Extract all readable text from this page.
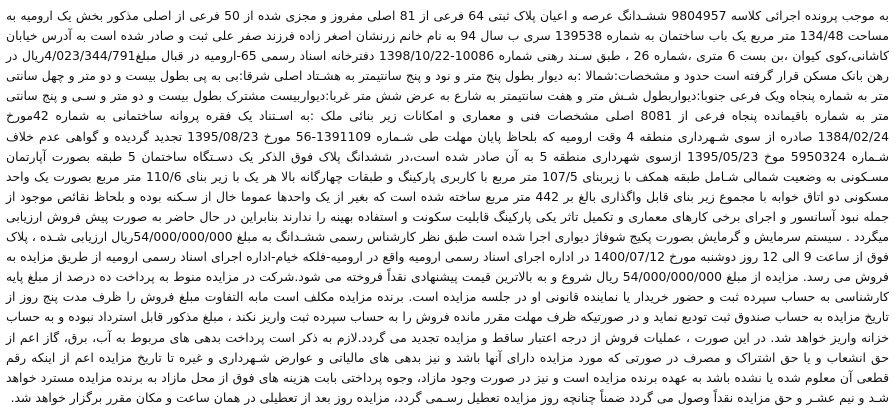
به موجب پرونده اجرائی کلاسه 9804957 ششـدانگ عرصه و اعیان پلاک ثبتی 64 فرعی از 81 اصلی مفروز و مجزی شده از 50 فرعی از اصلی مذکور بخش یک ارومیه به مساحت 134/48 متر مربع یک باب ساختمان به شماره 139538 سری ب سال 94 به نام خانم زرنشان اصغر زاده فرزند صفر علی ثبت و صادر شده است به آدرس خیابان کاشانی،کوی کیوان ،بن بست 6 متری ،شماره 26 ، طبق سـند رهنی شماره 10086-1398/10/22 دفترخانه اسناد رسمی 65-ارومیه در قبال مبلغ4/023/344/791ریال در رهن بانک مسکن قرار گرفته است حدود و مشخصات:شمالا :به دیوار بطول پنج متر و نود و پنج سانتیمتر به هشـتاد اصلی شرقا:بی به پی بطول بیست و دو متر و چهل سانتی متر به شماره پنجاه ویک فرعی جنوبا:دیواربطول شـش متر و هفت سانتیمتر به شارع به عرض شش متر غربا:دیواربیست مشترک بطول بیست و دو متر و سـی و پنج سانتی متر به شماره باقیمانده پنجاه فرعی از 8081 اصلی مشخصات فنی و معماری و امکانات زیر بنائی ملک :به اسـتناد یک فقره پروانه ساختمانی به شماره 42مورخ 1384/02/24 صادره از سوی شـهرداری منطقه 4 وقت ارومیه که بلحاظ پایان مهلت طی شـماره 1391109-56 مورخ 1395/08/23 تجدید گردیده و گواهی عدم خلاف شـماره 5950324 موخ 1395/05/23 ازسوی شهرداری منطقه 5 به آن صادر شده است،در ششدانگ پلاک فوق الذکر یک دسـتگاه ساختمان 5 طبقه بصورت آپارتمان مسـکونی به وضعیت شمالی شـامل طبقه همکف با زیربنای 107/5 متر مربع با کاربری پارکینگ و طبقات چهارگانه بالا هر یک با زیر بنای 110/6 متر مربع بصورت یک واحد مسکونی دو اتاق خوابه با مجموع زیر بنای قابل واگذاری بالغ بر 442 متر مربع ساخته شده است که بغیر از یک واحدها عموما خال از سـکنه بوده و بلحاظ نقائص موجود از جمله نبود آسانسور و اجرای برخی کارهای معماری و تکمیل تاثر یکی پارکینگ قابلیت سکونت و استفاده بهینه را ندارند بنابراین در حال حاضر به صورت پیش فروش ارزیابی میگردد . سیستم سرمایش و گرمایش بصورت پکیج شوفاژ دیواری اجرا شده است طبق نظر کارشناس رسمی ششـدانگ به مبلغ 54/000/000/000ریال ارزیابی شـده ، پلاک فوق از ساعت 9 الی 12 روز دوشنبه مورخ 1400/07/12 در اداره اجرای اسناد رسمی ارومیه واقع در ارومیه-فلکه خیام-اداره اجرای اسناد رسمی ارومیه از طریق مزایده به فروش می رسد. مزایده از مبلغ 54/000/000/000 ریال شروع و به بالاترین قیمت پیشنهادی نقداً فروخته می شود.شرکت در مزایده منوط به پرداخت ده درصد از مبلغ پایه کارشناسی به حساب سپرده ثبت و حضور خریدار یا نماینده قانونی او در جلسه مزایده است. برنده مزایده مکلف است مابه التفاوت مبلغ فروش را ظرف مدت پنج روز از تاریخ مزایده به حساب صندوق ثبت تودیع نماید و در صورتیکه ظرف مهلت مقرر مانده فروش را به حساب سپرده ثبت واریز نکند ، مبلغ مذکور قابل استرداد نبوده و به حساب خزانه واریز خواهد شد. در این صورت ، عملیات فروش از درجه اعتبار ساقط و مزایده تجدید می گردد.لازم به ذکر است پرداخت بدهی های مربوط به آب، برق، گاز اعم از حق انشعاب و یا حق اشتراک و مصرف در صورتی که مورد مزایده دارای آنها باشد و نیز بدهی های مالیاتی و عوارض شـهرداری و غیره تا تاریخ مزایده اعم از اینکه رقم قطعی آن معلوم شده یا نشده باشد به عهده برنده مزایده است و نیز در صورت وجود مازاد، وجوه پرداختی بابت هزینه های فوق از محل مازاد به برنده مزایده مسترد خواهد شـد و نیم عشـر و حق مزایده نقداً وصول می گردد ضمناً چنانچه روز مزایده تعطیل رسـمی گردد، مزایده روز بعد از تعطیلی در همان ساعت و مکان مقرر برگزار خواهد شد.
